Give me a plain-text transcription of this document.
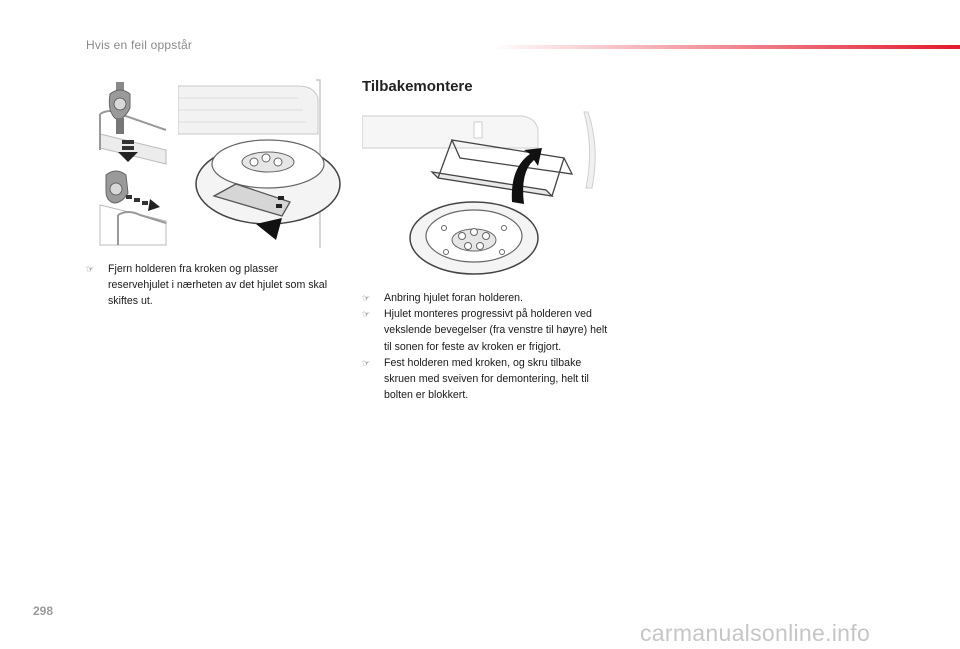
Hvis en feil oppstår
Tilbakemontere
☞	Fjern holderen fra kroken og plasser reservehjulet i nærheten av det hjulet som skal skiftes ut.	☞	Anbring hjulet foran holderen.
☞	Hjulet monteres progressivt på holderen ved vekslende bevegelser (fra venstre til høyre) helt til sonen for feste av kroken er frigjort.
☞	Fest holderen med kroken, og skru tilbake skruen med sveiven for demontering, helt til bolten er blokkert.
298
carmanualsonline.info
